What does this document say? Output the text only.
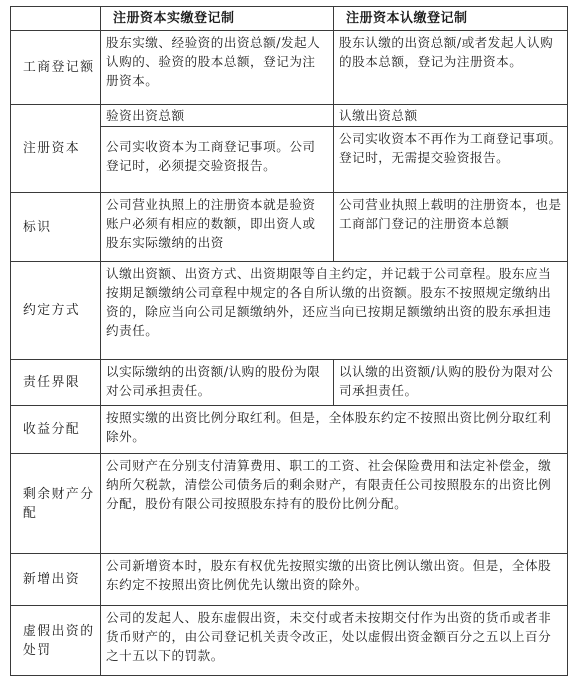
	注册资本实缴登记制	注册资本认缴登记制
工商登记额	股东实缴、经验资的出资总额/发起人认购的、验资的股本总额，登记为注册资本。	股东认缴的出资总额/或者发起人认购的股本总额，登记为注册资本。
注册资本	验资出资总额	认缴出资总额
	公司实收资本为工商登记事项。公司登记时，必须提交验资报告。	公司实收资本不再作为工商登记事项。登记时，无需提交验资报告。
标识	公司营业执照上的注册资本就是验资账户必须有相应的数额，即出资人或股东实际缴纳的出资	公司营业执照上载明的注册资本，也是工商部门登记的注册资本总额

约定方式	认缴出资额、出资方式、出资期限等自主约定，并记载于公司章程。股东应当按期足额缴纳公司章程中规定的各自所认缴的出资额。股东不按照规定缴纳出资的，除应当向公司足额缴纳外，还应当向已按期足额缴纳出资的股东承担违约责任。	
责任界限	以实际缴纳的出资额/认购的股份为限对公司承担责任。	以认缴的出资额/认购的股份为限对公司承担责任。
收益分配	按照实缴的出资比例分取红利。但是，全体股东约定不按照出资比例分取红利除外。	
剩余财产分配	公司财产在分别支付清算费用、职工的工资、社会保险费用和法定补偿金，缴纳所欠税款，清偿公司债务后的剩余财产，有限责任公司按照股东的出资比例分配，股份有限公司按照股东持有的股份比例分配。	
新增出资	公司新增资本时，股东有权优先按照实缴的出资比例认缴出资。但是，全体股东约定不按照出资比例优先认缴出资的除外。	
虚假出资的处罚	公司的发起人、股东虚假出资，未交付或者未按期交付作为出资的货币或者非货币财产的，由公司登记机关责令改正，处以虚假出资金额百分之五以上百分之十五以下的罚款。	
